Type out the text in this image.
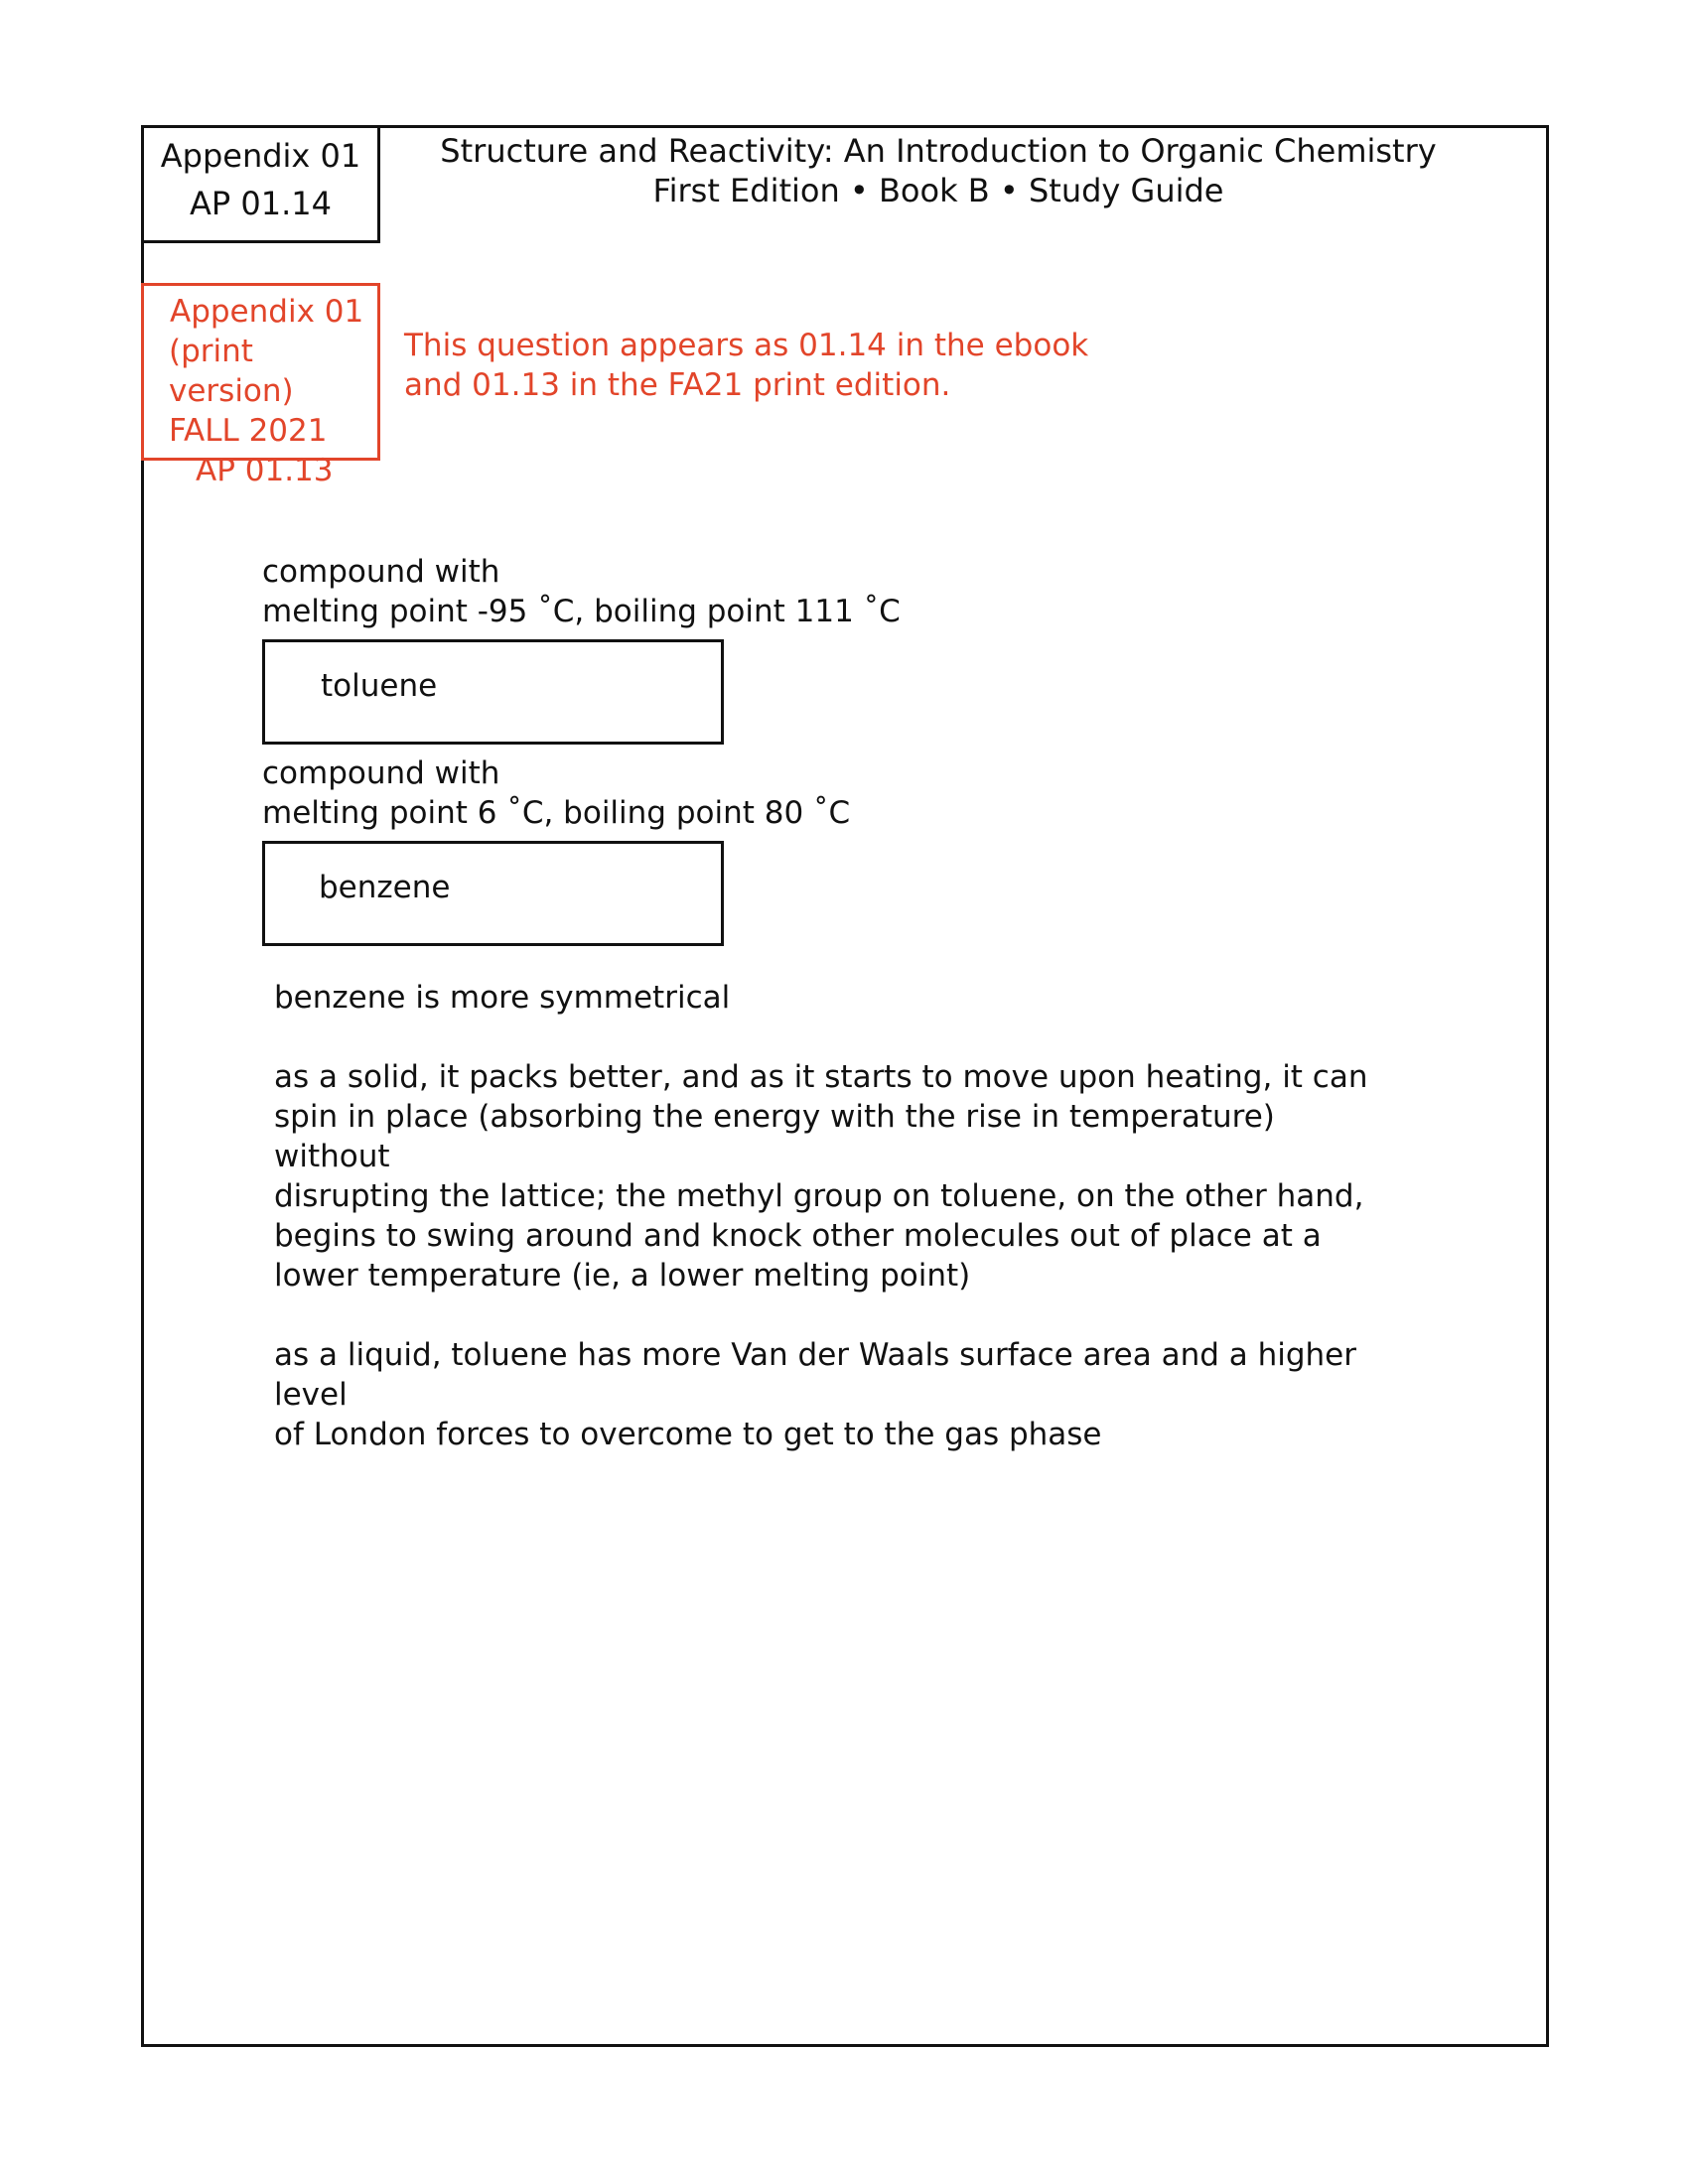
Appendix 01
AP 01.14
Structure and Reactivity: An Introduction to Organic Chemistry
First Edition • Book B • Study Guide
Appendix 01
(print version)
FALL 2021
AP 01.13
This question appears as 01.14 in the ebook
and 01.13 in the FA21 print edition.
compound with
melting point -95 ˚C, boiling point 111 ˚C
toluene
compound with
melting point 6 ˚C, boiling point 80 ˚C
benzene
benzene is more symmetrical
as a solid, it packs better, and as it starts to move upon heating, it can
spin in place (absorbing the energy with the rise in temperature) without
disrupting the lattice; the methyl group on toluene, on the other hand,
begins to swing around and knock other molecules out of place at a
lower temperature (ie, a lower melting point)
as a liquid, toluene has more Van der Waals surface area and a higher level
of London forces to overcome to get to the gas phase
